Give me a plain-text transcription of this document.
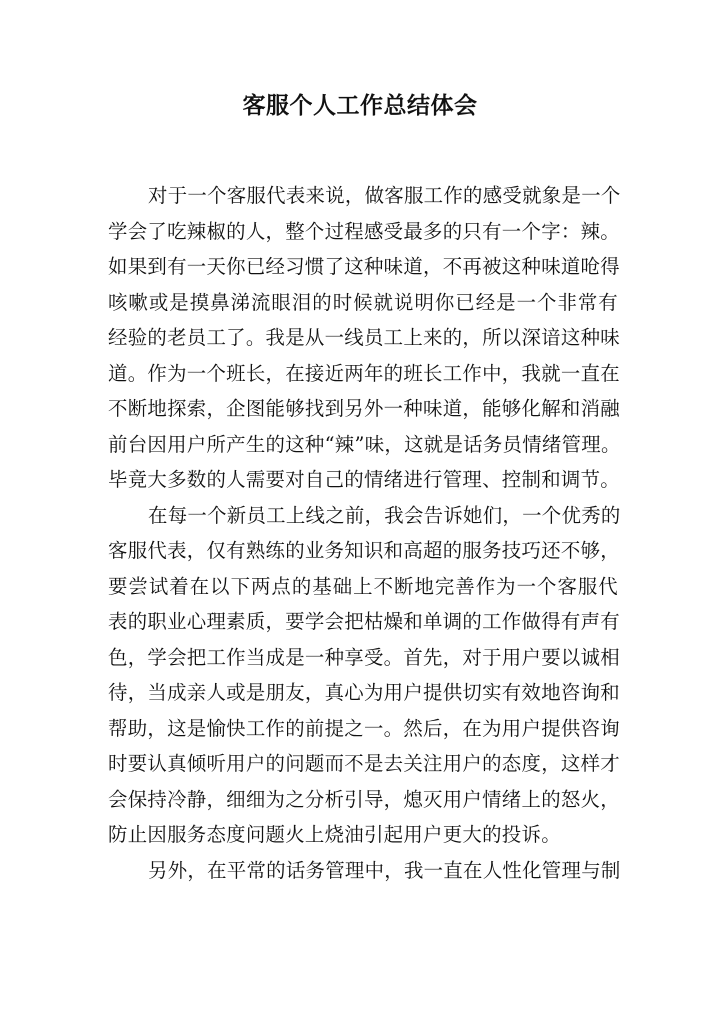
客服个人工作总结体会
对于一个客服代表来说，做客服工作的感受就象是一个
学会了吃辣椒的人，整个过程感受最多的只有一个字：辣。
如果到有一天你已经习惯了这种味道，不再被这种味道呛得
咳嗽或是摸鼻涕流眼泪的时候就说明你已经是一个非常有
经验的老员工了。我是从一线员工上来的，所以深谙这种味
道。作为一个班长，在接近两年的班长工作中，我就一直在
不断地探索，企图能够找到另外一种味道，能够化解和消融
前台因用户所产生的这种“辣”味，这就是话务员情绪管理。
毕竟大多数的人需要对自己的情绪进行管理、控制和调节。
在每一个新员工上线之前，我会告诉她们，一个优秀的
客服代表，仅有熟练的业务知识和高超的服务技巧还不够，
要尝试着在以下两点的基础上不断地完善作为一个客服代
表的职业心理素质，要学会把枯燥和单调的工作做得有声有
色，学会把工作当成是一种享受。首先，对于用户要以诚相
待，当成亲人或是朋友，真心为用户提供切实有效地咨询和
帮助，这是愉快工作的前提之一。然后，在为用户提供咨询
时要认真倾听用户的问题而不是去关注用户的态度，这样才
会保持冷静，细细为之分析引导，熄灭用户情绪上的怒火，
防止因服务态度问题火上烧油引起用户更大的投诉。
另外，在平常的话务管理中，我一直在人性化管理与制
